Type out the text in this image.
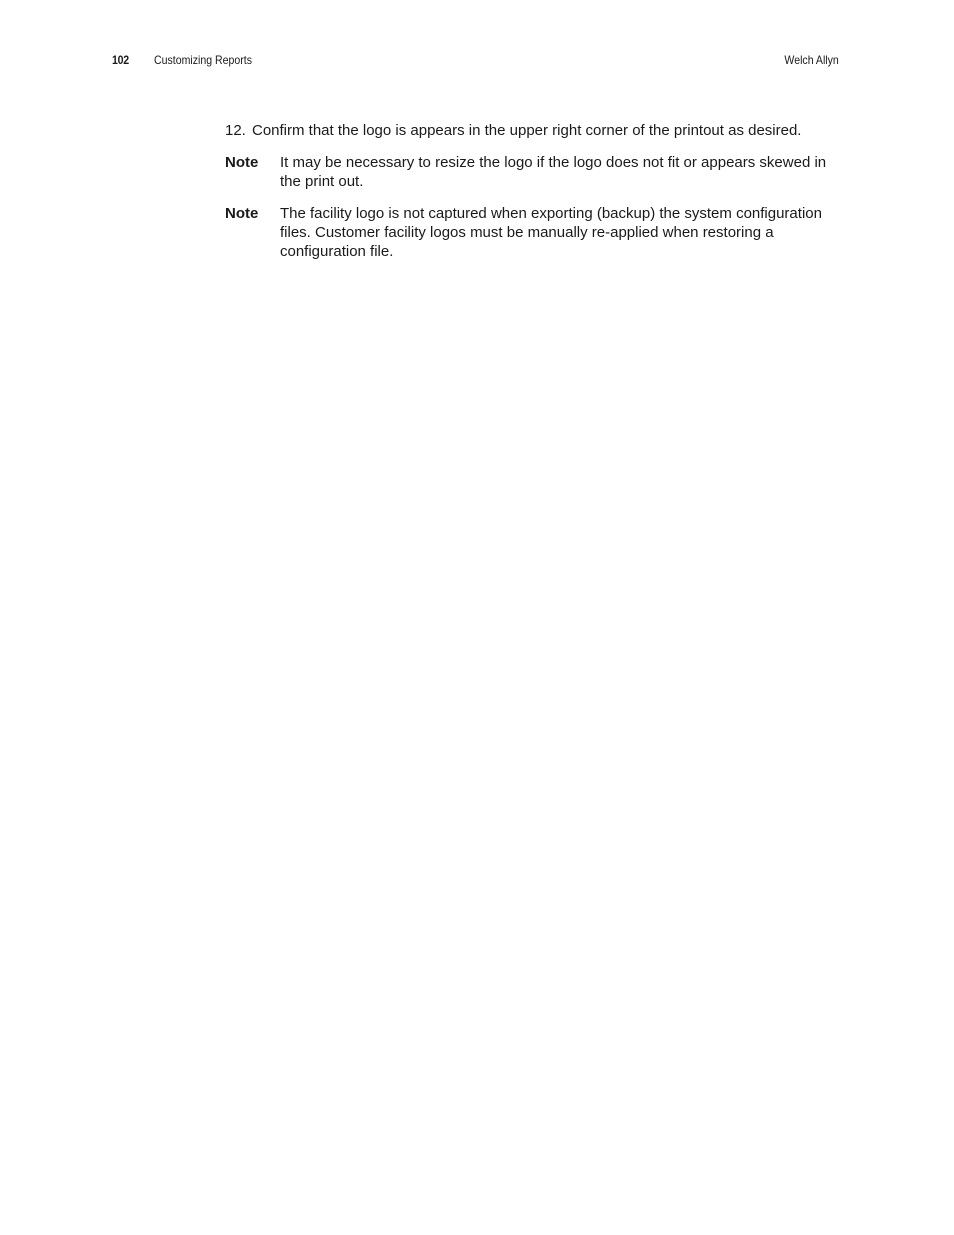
102 Customizing Reports	Welch Allyn

12. Confirm that the logo is appears in the upper right corner of the printout as desired.

Note	It may be necessary to resize the logo if the logo does not fit or appears skewed in the print out.
Note	The facility logo is not captured when exporting (backup) the system configuration files. Customer facility logos must be manually re-applied when restoring a configuration file.
